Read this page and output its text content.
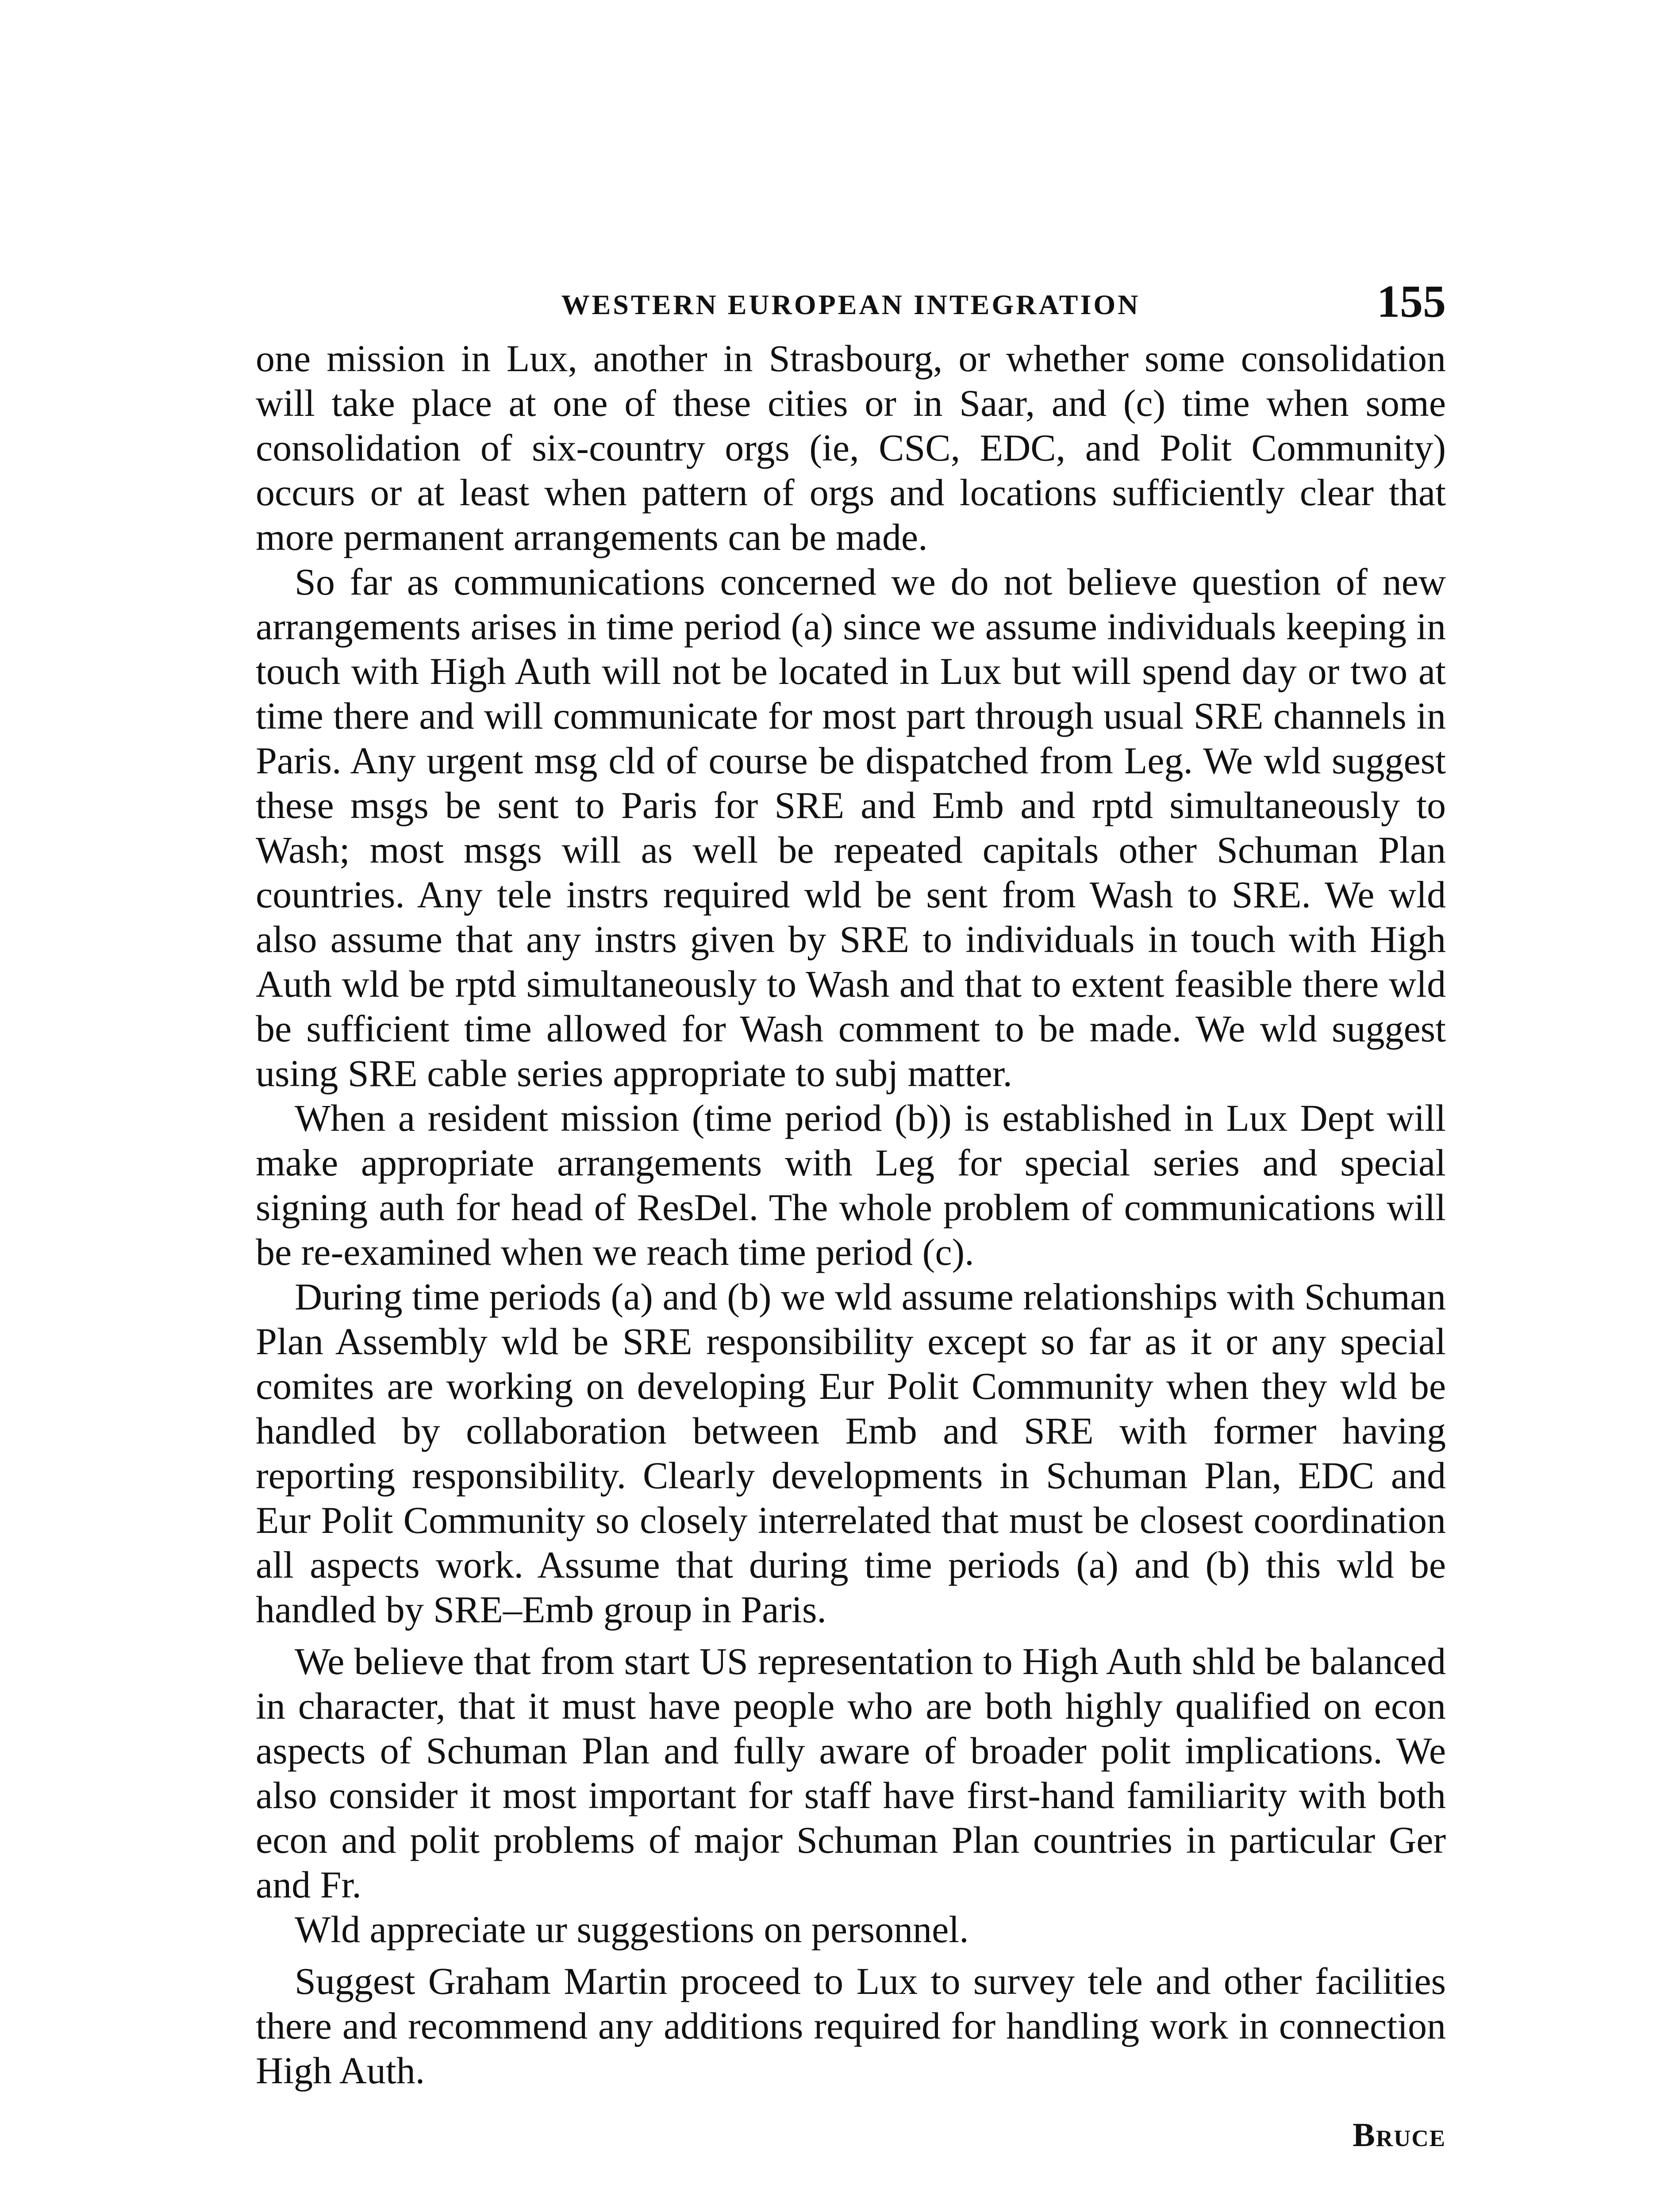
WESTERN EUROPEAN INTEGRATION	155

one mission in Lux, another in Strasbourg, or whether some consolidation will take place at one of these cities or in Saar, and (c) time when some consolidation of six-country orgs (ie, CSC, EDC, and Polit Community) occurs or at least when pattern of orgs and locations sufficiently clear that more permanent arrangements can be made.

So far as communications concerned we do not believe question of new arrangements arises in time period (a) since we assume individuals keeping in touch with High Auth will not be located in Lux but will spend day or two at time there and will communicate for most part through usual SRE channels in Paris. Any urgent msg cld of course be dispatched from Leg. We wld suggest these msgs be sent to Paris for SRE and Emb and rptd simultaneously to Wash; most msgs will as well be repeated capitals other Schuman Plan countries. Any tele instrs required wld be sent from Wash to SRE. We wld also assume that any instrs given by SRE to individuals in touch with High Auth wld be rptd simultaneously to Wash and that to extent feasible there wld be sufficient time allowed for Wash comment to be made. We wld suggest using SRE cable series appropriate to subj matter.

When a resident mission (time period (b)) is established in Lux Dept will make appropriate arrangements with Leg for special series and special signing auth for head of ResDel. The whole problem of communications will be re-examined when we reach time period (c).

During time periods (a) and (b) we wld assume relationships with Schuman Plan Assembly wld be SRE responsibility except so far as it or any special comites are working on developing Eur Polit Community when they wld be handled by collaboration between Emb and SRE with former having reporting responsibility. Clearly developments in Schuman Plan, EDC and Eur Polit Community so closely interrelated that must be closest coordination all aspects work. Assume that during time periods (a) and (b) this wld be handled by SRE–Emb group in Paris.

We believe that from start US representation to High Auth shld be balanced in character, that it must have people who are both highly qualified on econ aspects of Schuman Plan and fully aware of broader polit implications. We also consider it most important for staff have first-hand familiarity with both econ and polit problems of major Schuman Plan countries in particular Ger and Fr.

Wld appreciate ur suggestions on personnel.

Suggest Graham Martin proceed to Lux to survey tele and other facilities there and recommend any additions required for handling work in connection High Auth.

Bruce
